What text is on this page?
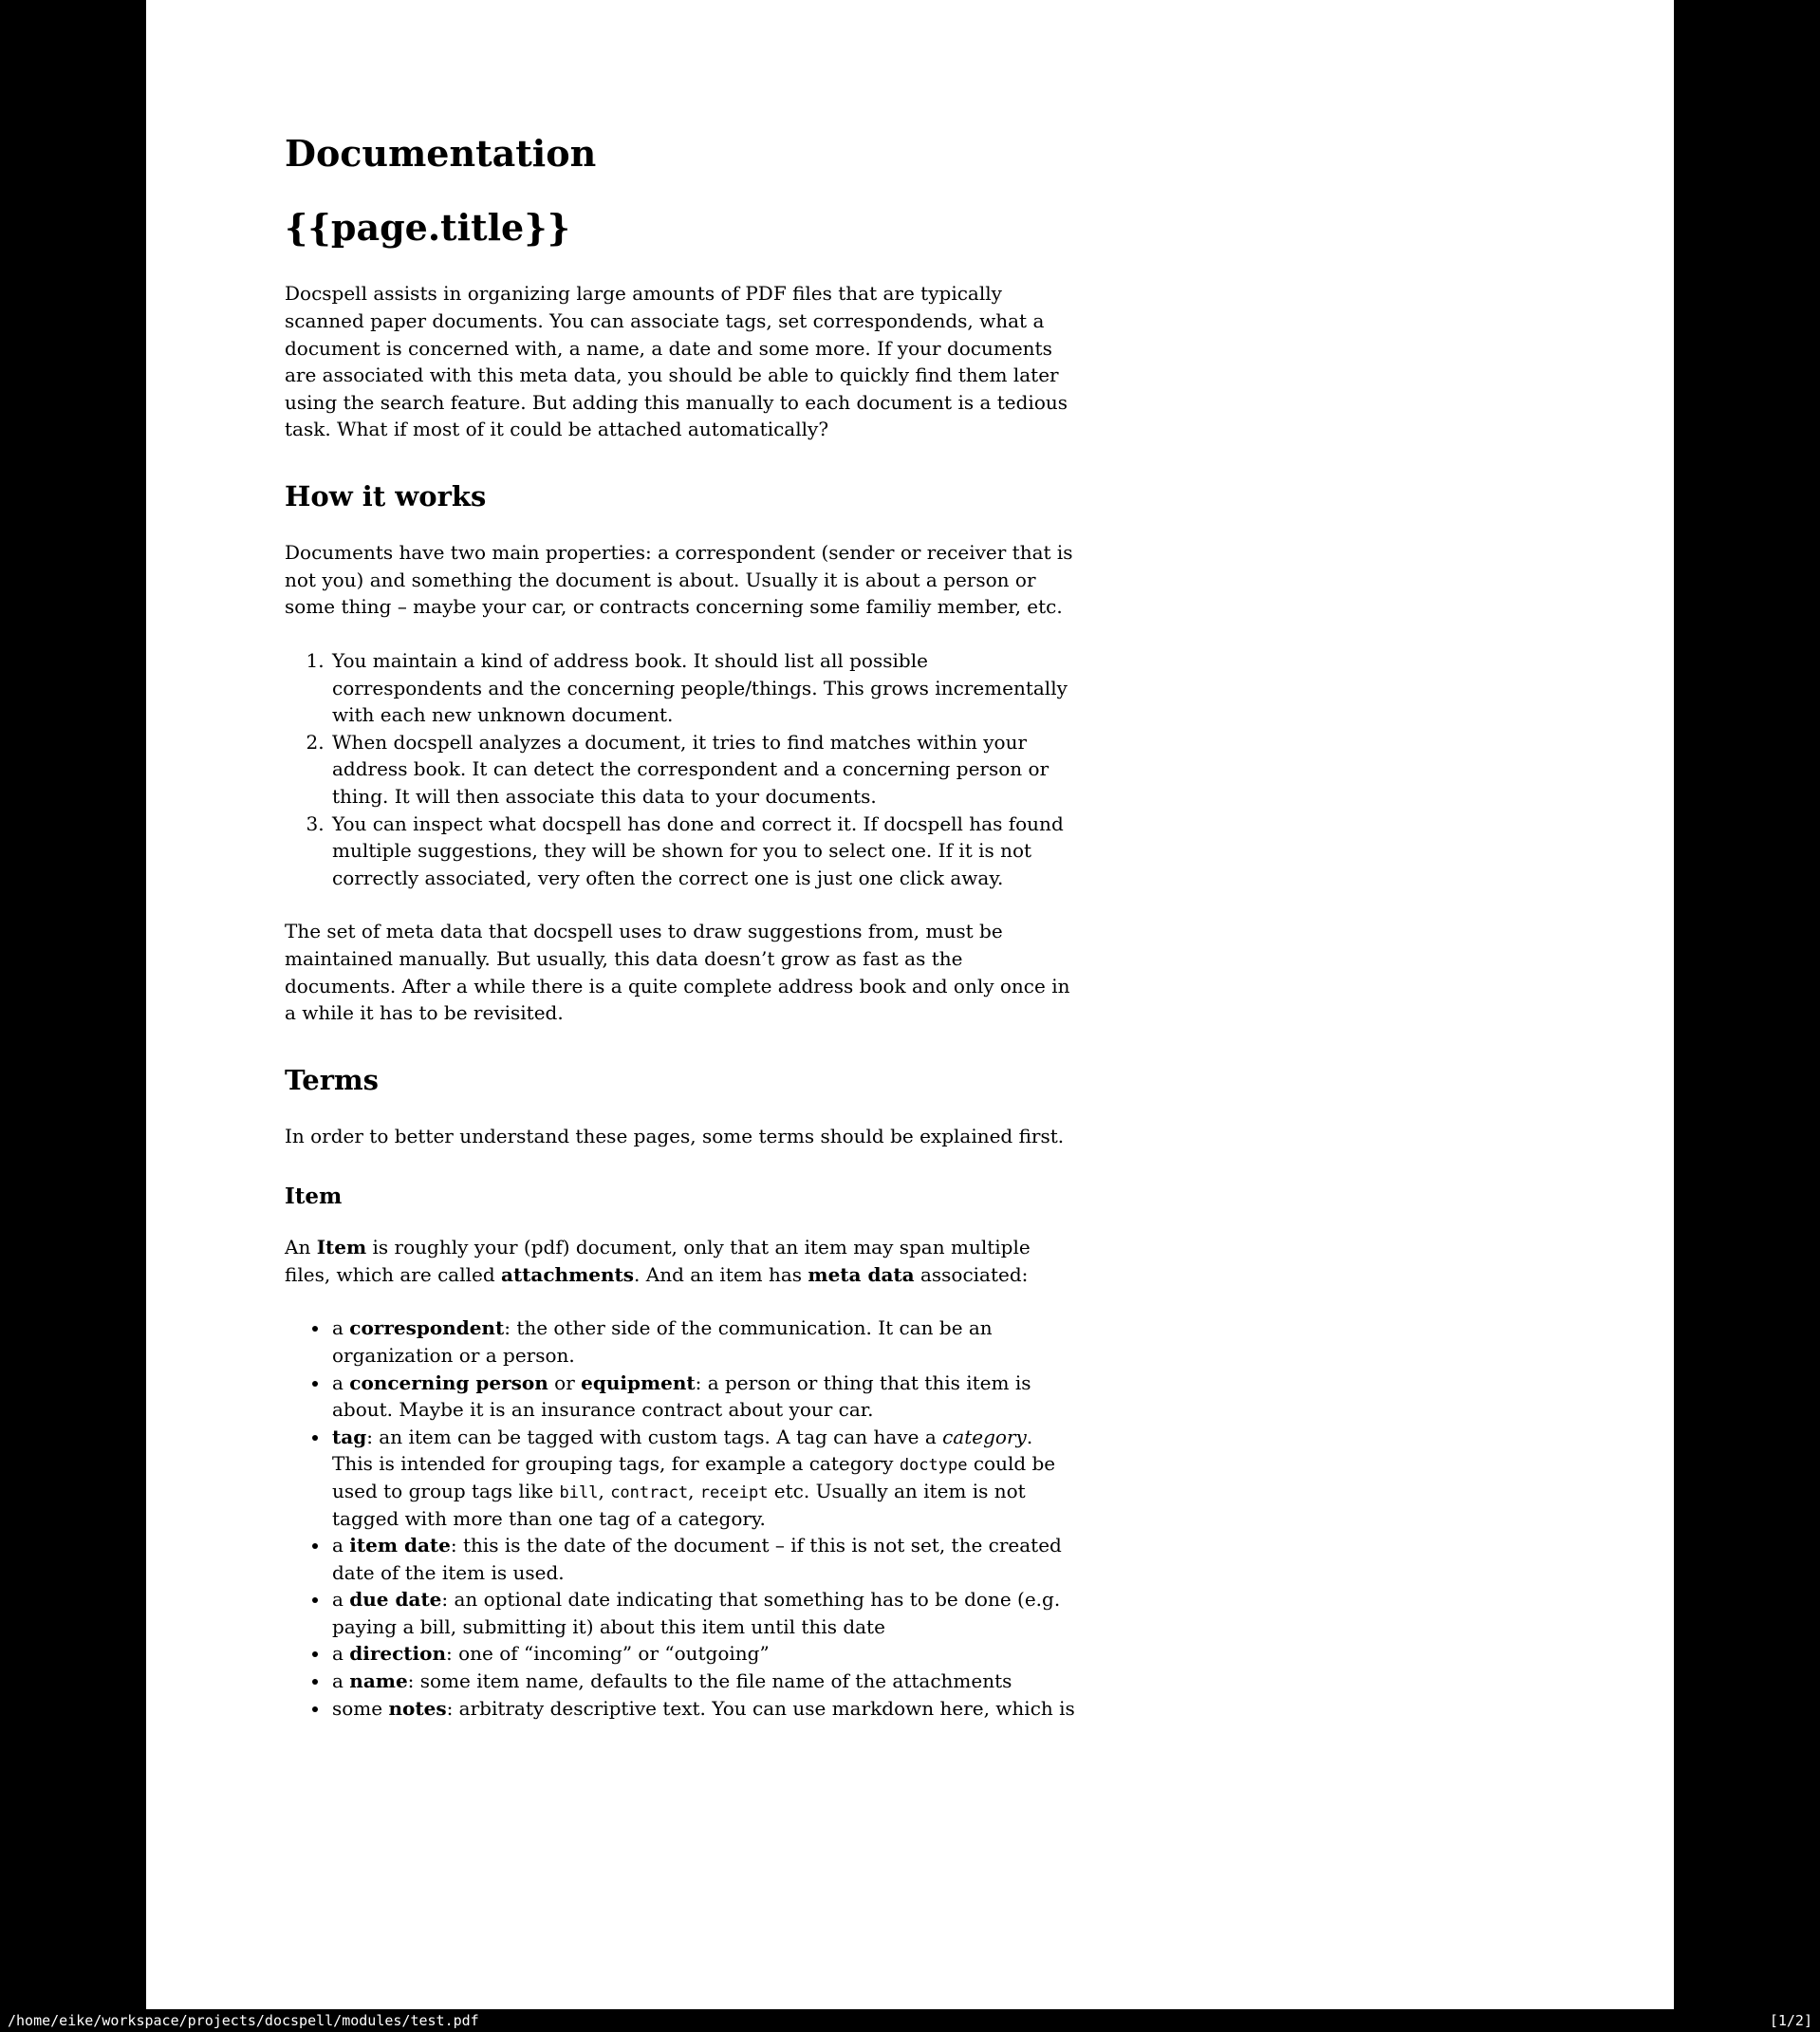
Documentation
{{page.title}}

Docspell assists in organizing large amounts of PDF files that are typically scanned paper documents. You can associate tags, set correspondends, what a document is concerned with, a name, a date and some more. If your documents are associated with this meta data, you should be able to quickly find them later using the search feature. But adding this manually to each document is a tedious task. What if most of it could be attached automatically?

How it works

Documents have two main properties: a correspondent (sender or receiver that is not you) and something the document is about. Usually it is about a person or some thing – maybe your car, or contracts concerning some familiy member, etc.

1. You maintain a kind of address book. It should list all possible correspondents and the concerning people/things. This grows incrementally with each new unknown document.
2. When docspell analyzes a document, it tries to find matches within your address book. It can detect the correspondent and a concerning person or thing. It will then associate this data to your documents.
3. You can inspect what docspell has done and correct it. If docspell has found multiple suggestions, they will be shown for you to select one. If it is not correctly associated, very often the correct one is just one click away.

The set of meta data that docspell uses to draw suggestions from, must be maintained manually. But usually, this data doesn’t grow as fast as the documents. After a while there is a quite complete address book and only once in a while it has to be revisited.

Terms

In order to better understand these pages, some terms should be explained first.

Item

An Item is roughly your (pdf) document, only that an item may span multiple files, which are called attachments. And an item has meta data associated:

• a correspondent: the other side of the communication. It can be an organization or a person.
• a concerning person or equipment: a person or thing that this item is about. Maybe it is an insurance contract about your car.
• tag: an item can be tagged with custom tags. A tag can have a category. This is intended for grouping tags, for example a category doctype could be used to group tags like bill, contract, receipt etc. Usually an item is not tagged with more than one tag of a category.
• a item date: this is the date of the document – if this is not set, the created date of the item is used.
• a due date: an optional date indicating that something has to be done (e.g. paying a bill, submitting it) about this item until this date
• a direction: one of “incoming” or “outgoing”
• a name: some item name, defaults to the file name of the attachments
• some notes: arbitraty descriptive text. You can use markdown here, which is
/home/eike/workspace/projects/docspell/modules/test.pdf	[1/2]
